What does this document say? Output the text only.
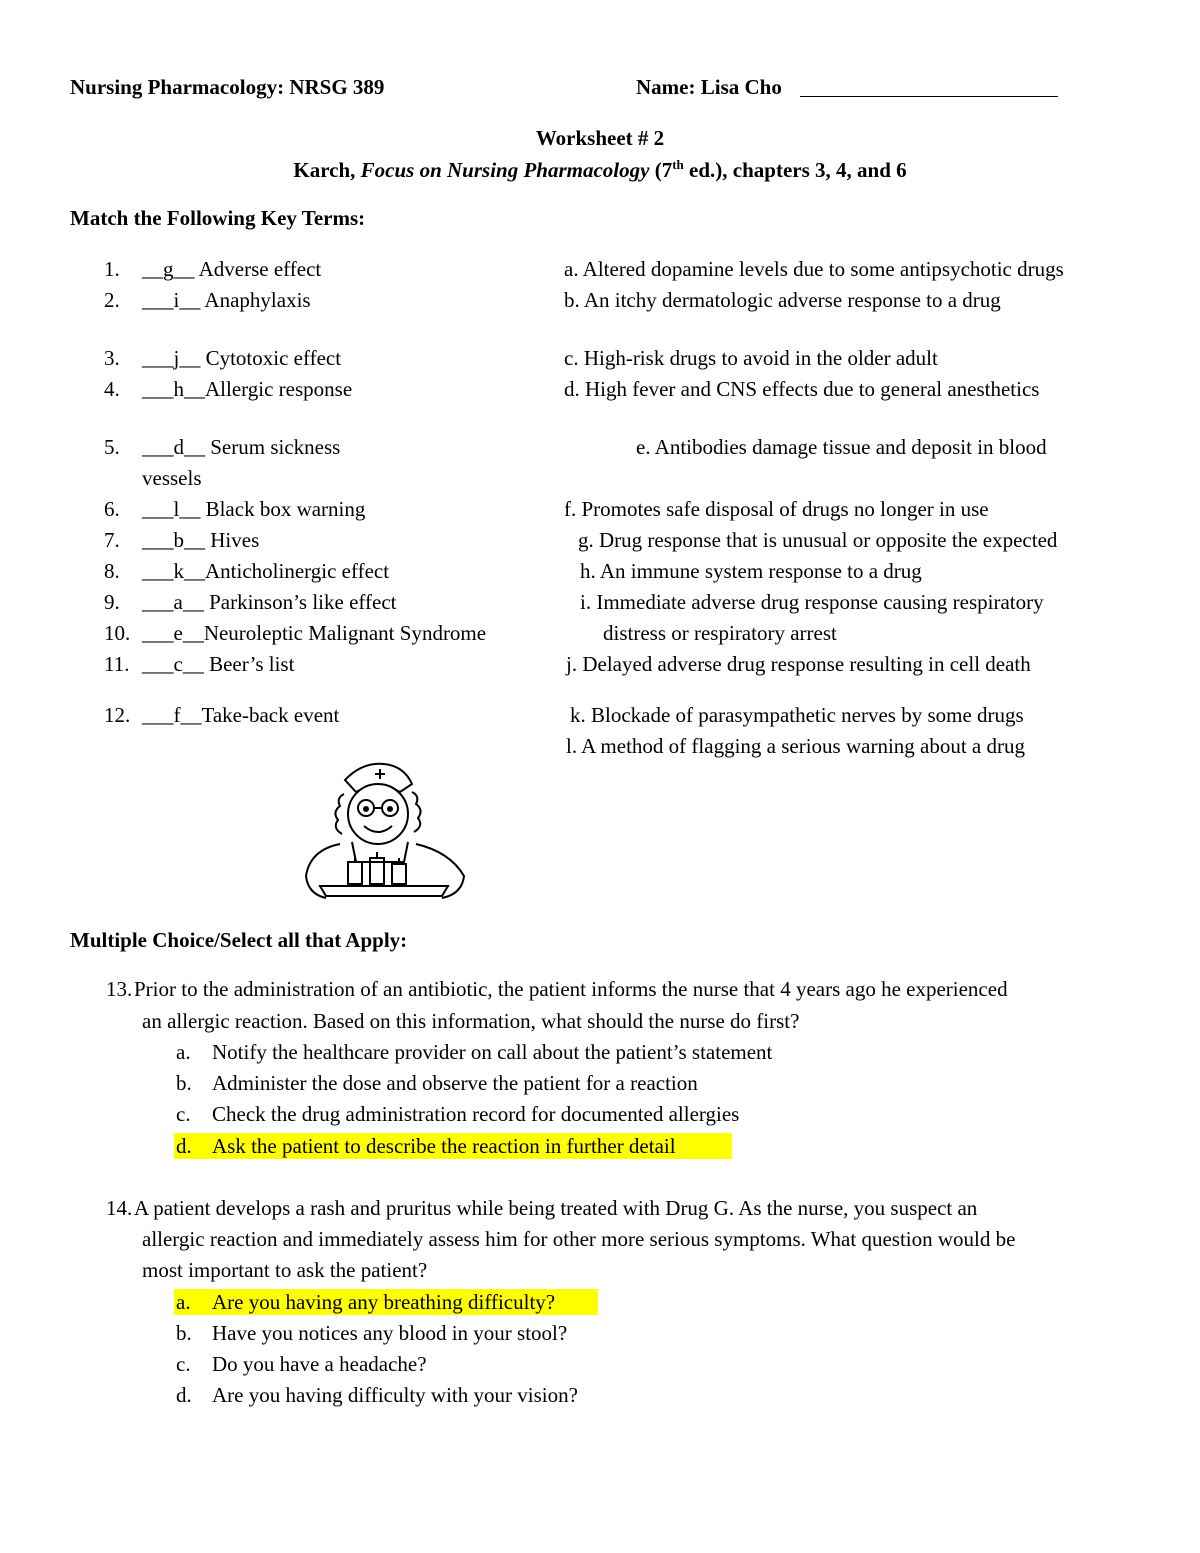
Nursing Pharmacology: NRSG 389	Name: Lisa Cho
Worksheet # 2
Karch, Focus on Nursing Pharmacology (7th ed.), chapters 3, 4, and 6
Match the Following Key Terms:
1. __g__ Adverse effect
2. ___i__ Anaphylaxis
3. ___j__ Cytotoxic effect
4. ___h__Allergic response
5. ___d__ Serum sickness
vessels
6. ___l__ Black box warning
7. ___b__ Hives
8. ___k__Anticholinergic effect
9. ___a__ Parkinson’s like effect
10. ___e__Neuroleptic Malignant Syndrome
11. ___c__ Beer’s list
12. ___f__Take-back event
a. Altered dopamine levels due to some antipsychotic drugs
b. An itchy dermatologic adverse response to a drug
c. High-risk drugs to avoid in the older adult
d. High fever and CNS effects due to general anesthetics
e. Antibodies damage tissue and deposit in blood
f. Promotes safe disposal of drugs no longer in use
g. Drug response that is unusual or opposite the expected
h. An immune system response to a drug
i. Immediate adverse drug response causing respiratory
distress or respiratory arrest
j. Delayed adverse drug response resulting in cell death
k. Blockade of parasympathetic nerves by some drugs
l. A method of flagging a serious warning about a drug
Multiple Choice/Select all that Apply:
13. Prior to the administration of an antibiotic, the patient informs the nurse that 4 years ago he experienced
an allergic reaction. Based on this information, what should the nurse do first?
a. Notify the healthcare provider on call about the patient’s statement
b. Administer the dose and observe the patient for a reaction
c. Check the drug administration record for documented allergies
d. Ask the patient to describe the reaction in further detail
14. A patient develops a rash and pruritus while being treated with Drug G. As the nurse, you suspect an
allergic reaction and immediately assess him for other more serious symptoms. What question would be
most important to ask the patient?
a. Are you having any breathing difficulty?
b. Have you notices any blood in your stool?
c. Do you have a headache?
d. Are you having difficulty with your vision?
